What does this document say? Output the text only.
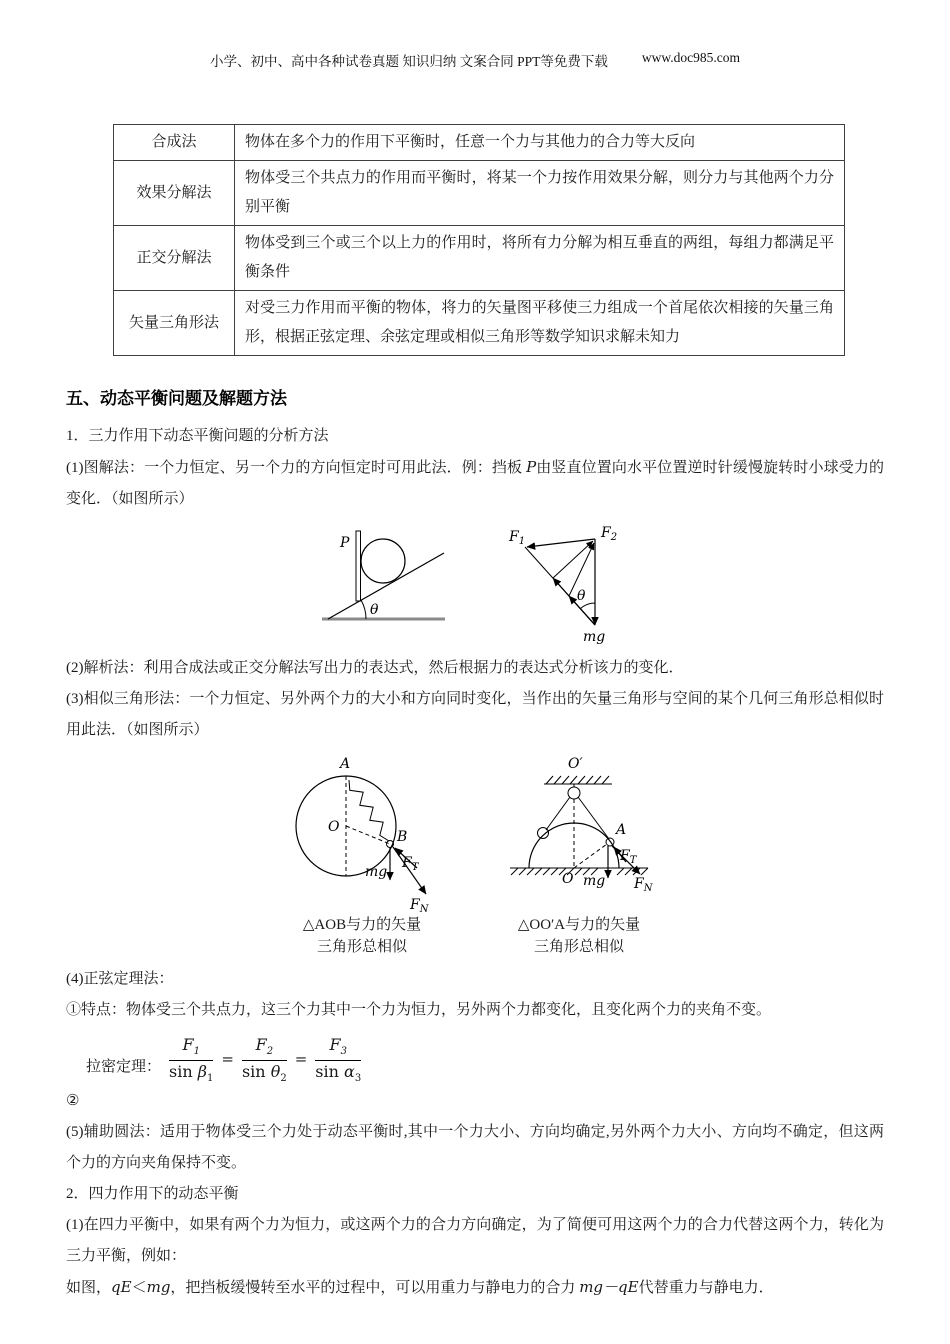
小学、初中、高中各种试卷真题 知识归纳 文案合同 PPT等免费下载	www.doc985.com
合成法	物体在多个力的作用下平衡时，任意一个力与其他力的合力等大反向
效果分解法	物体受三个共点力的作用而平衡时，将某一个力按作用效果分解，则分力与其他两个力分别平衡
正交分解法	物体受到三个或三个以上力的作用时，将所有力分解为相互垂直的两组，每组力都满足平衡条件
矢量三角形法	对受三力作用而平衡的物体，将力的矢量图平移使三力组成一个首尾依次相接的矢量三角形，根据正弦定理、余弦定理或相似三角形等数学知识求解未知力
五、动态平衡问题及解题方法

1．三力作用下动态平衡问题的分析方法

(1)图解法：一个力恒定、另一个力的方向恒定时可用此法．例：挡板 P由竖直位置向水平位置逆时针缓慢旋转时小球受力的变化．（如图所示）

P
θ
$F_1$
$F_2$
θ
mg

(2)解析法：利用合成法或正交分解法写出力的表达式，然后根据力的表达式分析该力的变化．

(3)相似三角形法：一个力恒定、另外两个力的大小和方向同时变化，当作出的矢量三角形与空间的某个几何三角形总相似时用此法．（如图所示）

A
O
B
mg
$F_T$
$F_N$
△AOB与力的矢量
三角形总相似
O′
A
O mg
$F_T$
$F_N$
△OO′A与力的矢量
三角形总相似

(4)正弦定理法：

①特点：物体受三个共点力，这三个力其中一个力为恒力，另外两个力都变化，且变化两个力的夹角不变。

拉密定理： $\frac{F_1}{\sin \beta_1} = \frac{F_2}{\sin \theta_2} = \frac{F_3}{\sin \alpha_3}$

②

(5)辅助圆法：适用于物体受三个力处于动态平衡时,其中一个力大小、方向均确定,另外两个力大小、方向均不确定，但这两个力的方向夹角保持不变。

2．四力作用下的动态平衡

(1)在四力平衡中，如果有两个力为恒力，或这两个力的合力方向确定，为了简便可用这两个力的合力代替这两个力，转化为三力平衡，例如：

如图，qE＜mg，把挡板缓慢转至水平的过程中，可以用重力与静电力的合力 mg－qE代替重力与静电力．
